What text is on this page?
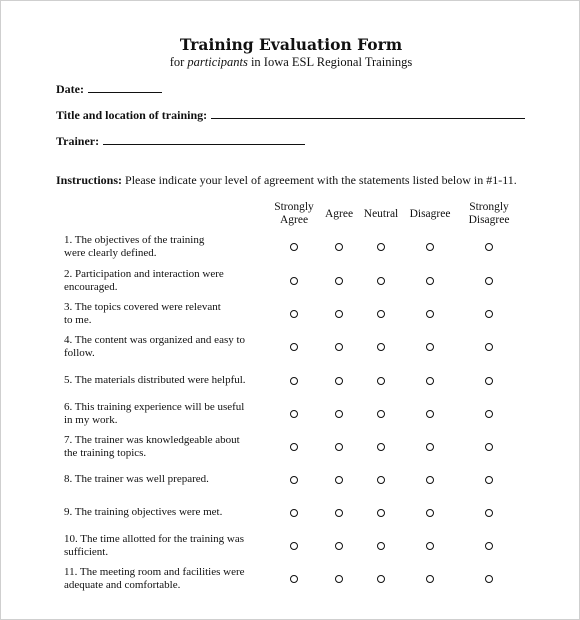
Training Evaluation Form
for participants in Iowa ESL Regional Trainings
Date:
Title and location of training:
Trainer:
Instructions: Please indicate your level of agreement with the statements listed below in #1-11.
Strongly
Agree	Agree Neutral Disagree
Strongly
Disagree
1. The objectives of the training
were clearly defined.
2. Participation and interaction were
encouraged.
3. The topics covered were relevant
to me.
4. The content was organized and easy to
follow.
5. The materials distributed were helpful.
6. This training experience will be useful
in my work.
7. The trainer was knowledgeable about
the training topics.
8. The trainer was well prepared.
9. The training objectives were met.
10. The time allotted for the training was
sufficient.
11. The meeting room and facilities were
adequate and comfortable.
